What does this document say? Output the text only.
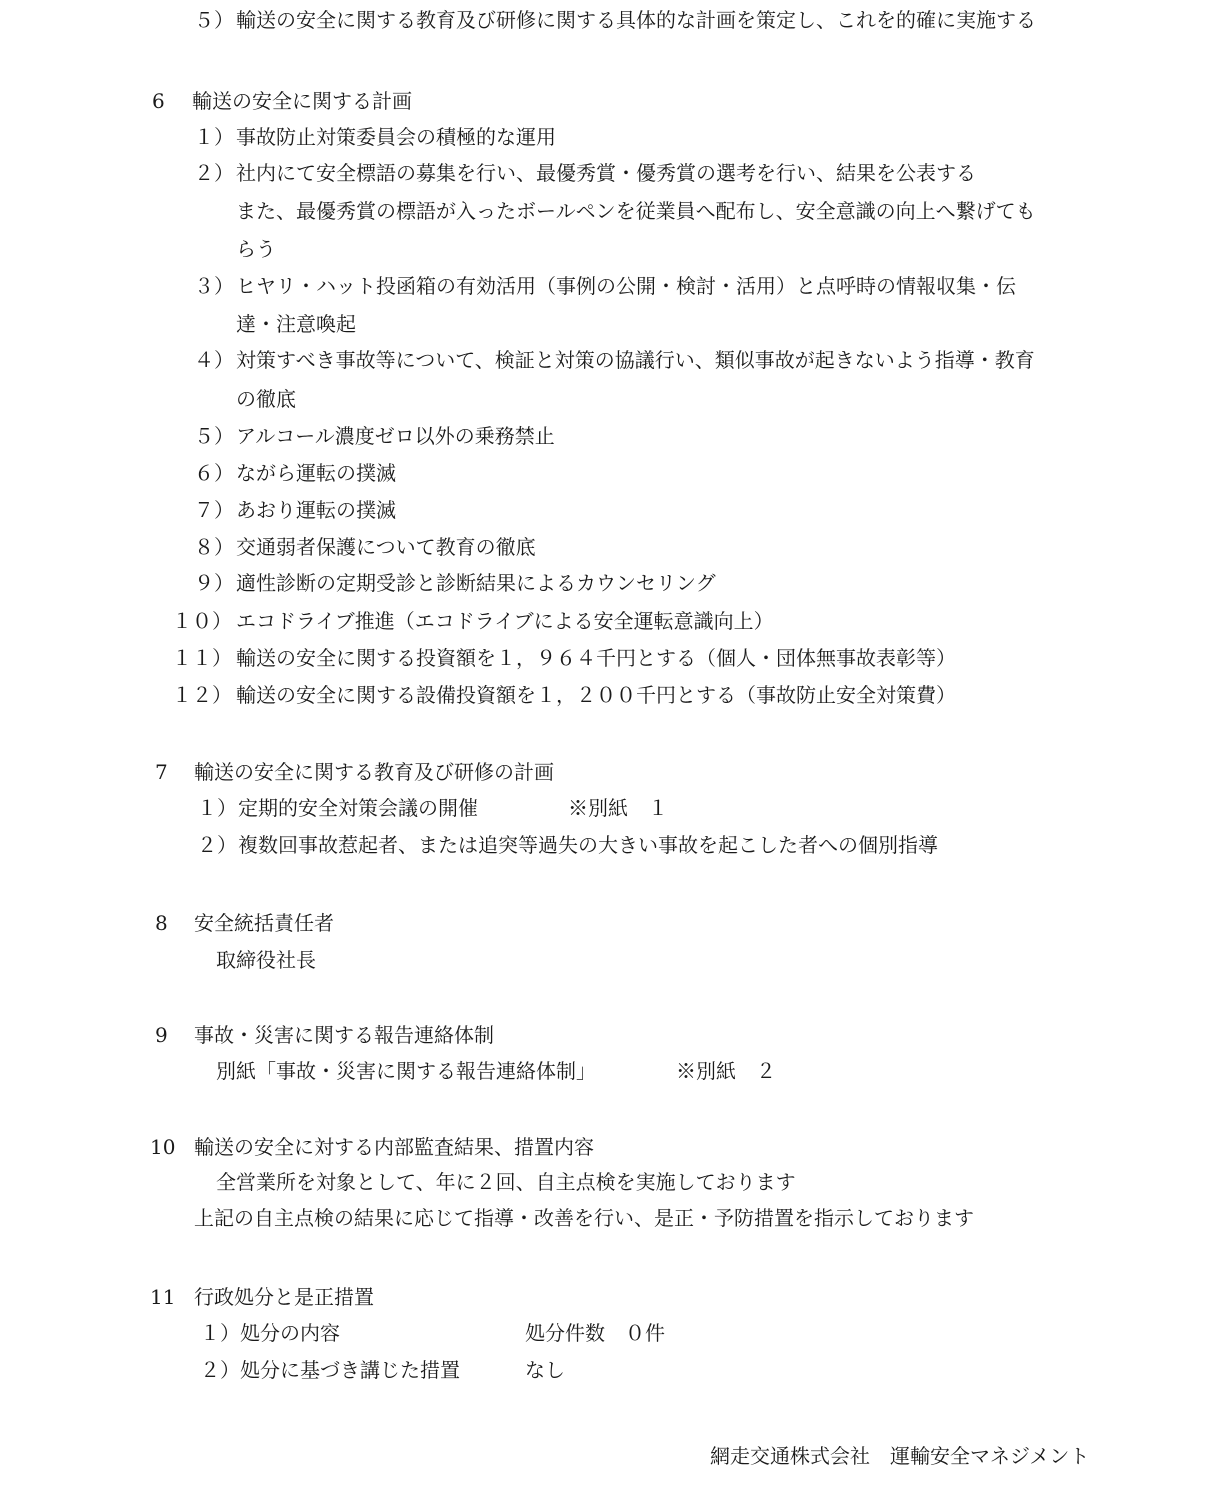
５） 輸送の安全に関する教育及び研修に関する具体的な計画を策定し、これを的確に実施する
6 輸送の安全に関する計画
１） 事故防止対策委員会の積極的な運用
２） 社内にて安全標語の募集を行い、最優秀賞・優秀賞の選考を行い、結果を公表する
また、最優秀賞の標語が入ったボールペンを従業員へ配布し、安全意識の向上へ繋げても
らう
３） ヒヤリ・ハット投函箱の有効活用（事例の公開・検討・活用）と点呼時の情報収集・伝
達・注意喚起
４） 対策すべき事故等について、検証と対策の協議行い、類似事故が起きないよう指導・教育
の徹底
５） アルコール濃度ゼロ以外の乗務禁止
６） ながら運転の撲滅
７） あおり運転の撲滅
８） 交通弱者保護について教育の徹底
９） 適性診断の定期受診と診断結果によるカウンセリング
１０） エコドライブ推進（エコドライブによる安全運転意識向上）
１１） 輸送の安全に関する投資額を１，９６４千円とする（個人・団体無事故表彰等）
１２） 輸送の安全に関する設備投資額を１，２００千円とする（事故防止安全対策費）
7 輸送の安全に関する教育及び研修の計画
１） 定期的安全対策会議の開催	※別紙　１
２） 複数回事故惹起者、または追突等過失の大きい事故を起こした者への個別指導
8 安全統括責任者
取締役社長
9 事故・災害に関する報告連絡体制
別紙「事故・災害に関する報告連絡体制」	※別紙　２
10 輸送の安全に対する内部監査結果、措置内容
全営業所を対象として、年に２回、自主点検を実施しております
上記の自主点検の結果に応じて指導・改善を行い、是正・予防措置を指示しております
11 行政処分と是正措置
１） 処分の内容	処分件数　０件
２） 処分に基づき講じた措置	なし
網走交通株式会社　運輸安全マネジメント
